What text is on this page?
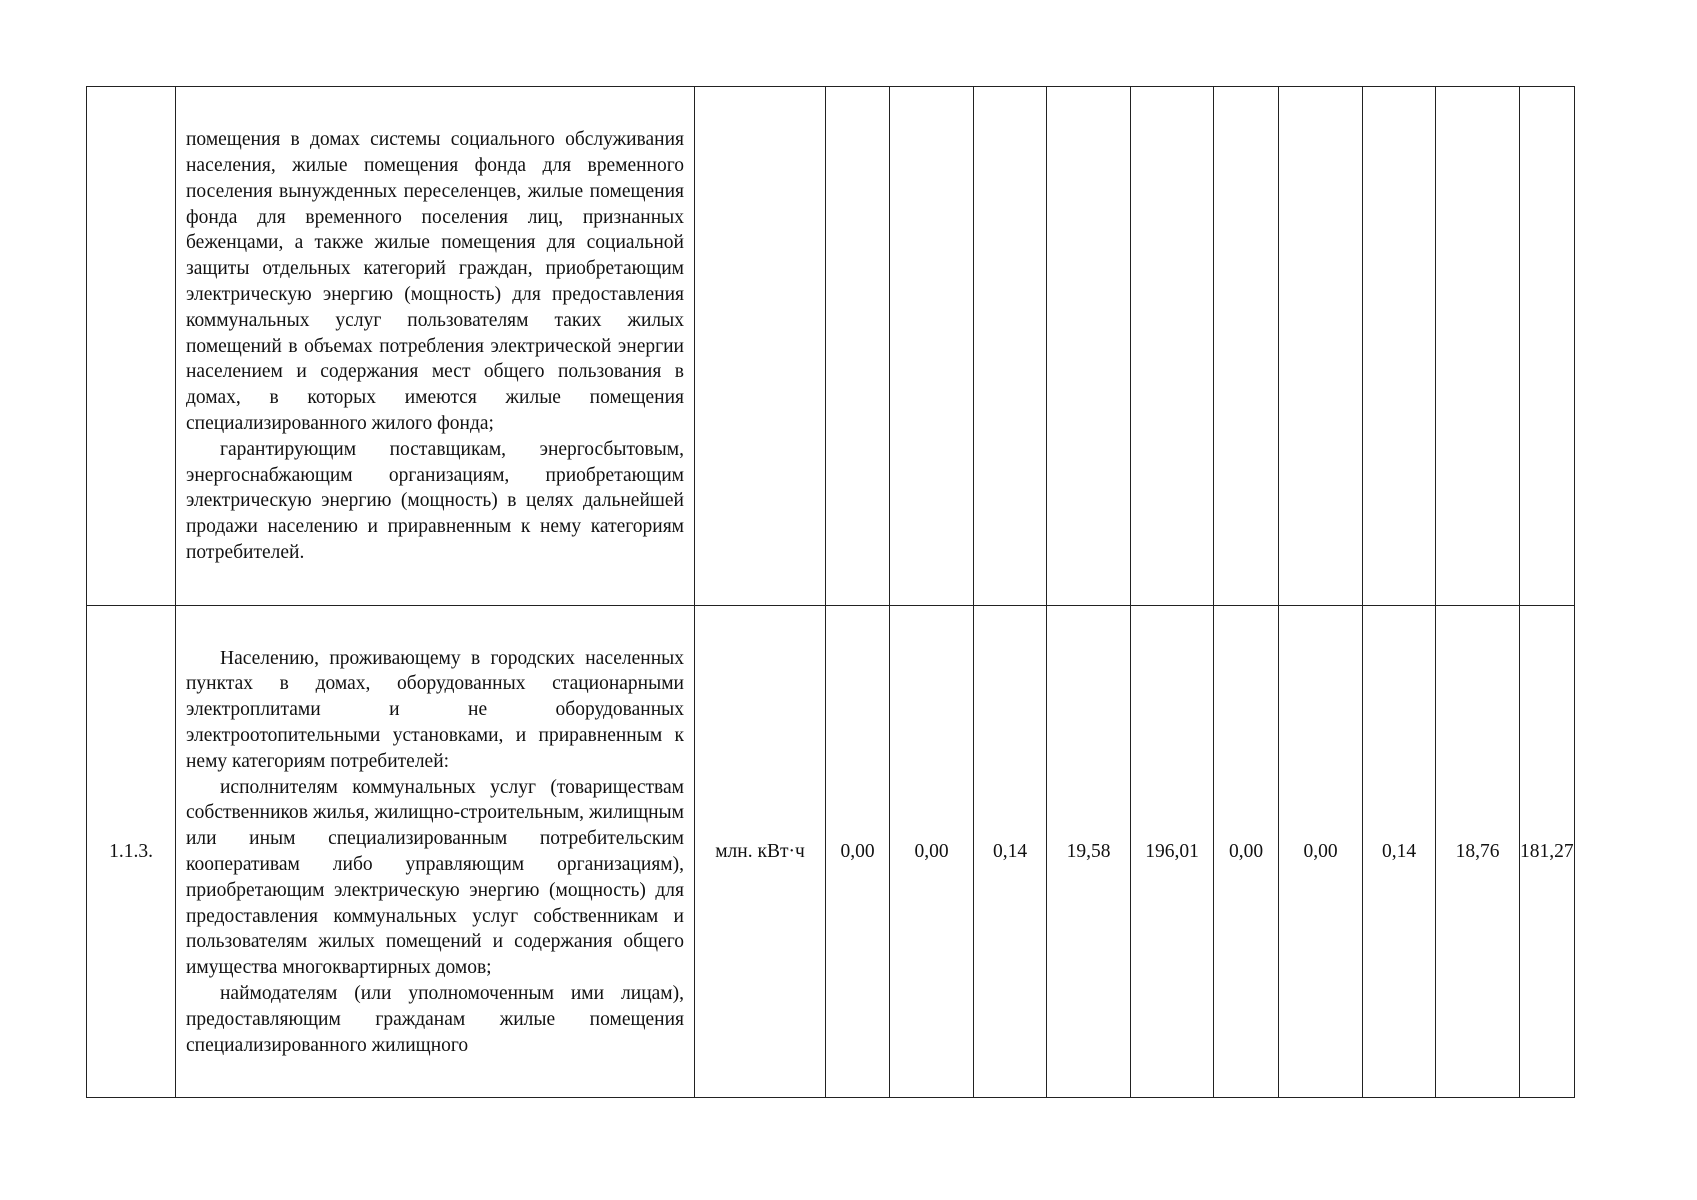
	помещения в домах системы социального обслуживания населения, жилые помещения фонда для временного поселения вынужденных переселенцев, жилые помещения фонда для временного поселения лиц, признанных беженцами, а также жилые помещения для социальной защиты отдельных категорий граждан, приобретающим электрическую энергию (мощность) для предоставления коммунальных услуг пользователям таких жилых помещений в объемах потребления электрической энергии населением и содержания мест общего пользования в домах, в которых имеются жилые помещения специализированного жилого фонда;

гарантирующим поставщикам, энергосбытовым, энергоснабжающим организациям, приобретающим электрическую энергию (мощность) в целях дальнейшей продажи населению и приравненным к нему категориям потребителей.											

1.1.3.	Населению, проживающему в городских населенных пунктах в домах, оборудованных стационарными электроплитами и не оборудованных электроотопительными установками, и приравненным к нему категориям потребителей:

исполнителям коммунальных услуг (товариществам собственников жилья, жилищно-строительным, жилищным или иным специализированным потребительским кооперативам либо управляющим организациям), приобретающим электрическую энергию (мощность) для предоставления коммунальных услуг собственникам и пользователям жилых помещений и содержания общего имущества многоквартирных домов;

наймодателям (или уполномоченным ими лицам), предоставляющим гражданам жилые помещения специализированного жилищного	млн. кВт·ч	0,00	0,00	0,14	19,58	196,01	0,00	0,00	0,14	18,76	181,27
